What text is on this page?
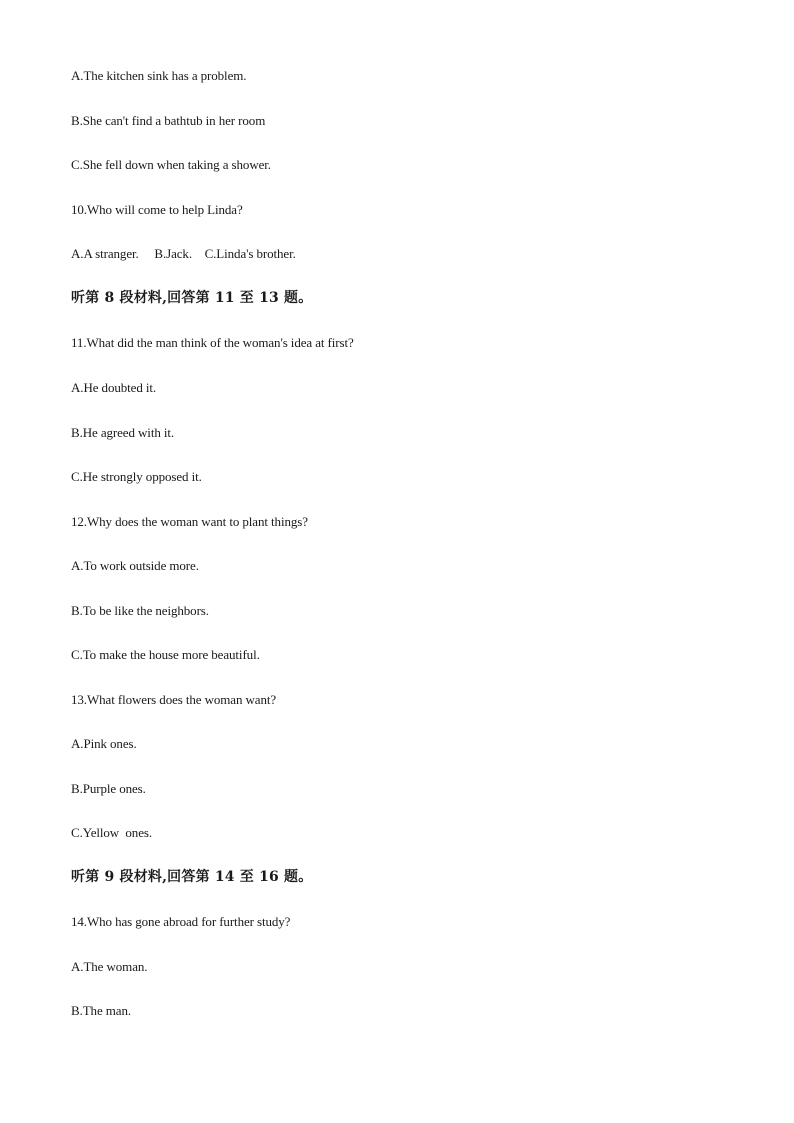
A.The kitchen sink has a problem.
B.She can't find a bathtub in her room
C.She fell down when taking a shower.
10.Who will come to help Linda?
A.A stranger.     B.Jack.    C.Linda's brother.
听第 8 段材料,回答第 11 至 13 题。
11.What did the man think of the woman's idea at first?
A.He doubted it.
B.He agreed with it.
C.He strongly opposed it.
12.Why does the woman want to plant things?
A.To work outside more.
B.To be like the neighbors.
C.To make the house more beautiful.
13.What flowers does the woman want?
A.Pink ones.
B.Purple ones.
C.Yellow  ones.
听第 9 段材料,回答第 14 至 16 题。
14.Who has gone abroad for further study?
A.The woman.
B.The man.
